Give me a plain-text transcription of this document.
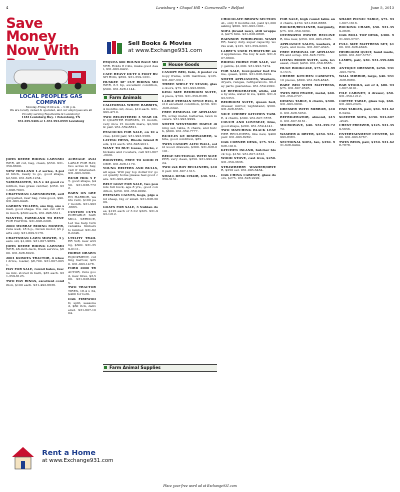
4	Lewisburg • Chapel Hill • Cornersville • Belfast	June 5, 2013
Save Money
Now With
LOCAL PEOPLES GAS COMPANY
Monday-Friday 8:00 a.m. – 5:00 p.m.
We are locally owned & operated, and our employees are all
Proudly serving Fayetteville & Lewisburg!
1183 Lewisburg Hwy. • Petersburg, TN
931-659-9406 or 1-931-993-0999 Lewisburg
Sell Books & Movies
at www.Exchange931.com

JOHN DEERE RIDING LAWNMOWER, 48 cut, bag, clean, $550. 931-359-6600.

NEW HOLLAND 1.2 series, 3-point hitch, ready to go, good shape, $2,500. 931-628-1234.

YARDMASTER, 16.5 x 42 good condition, has grass catcher, $350. 931-698-7003.

CRAFTSMAN LAWNMOWER, self-propelled, rear bag, runs good, $90. 931-993-9446.

GARDEN TILLERS, one big, one small, good shape. You can cut off rim much, $300 each, 931-998-3611.

WANTED, FARMLAND TO RENT FOR HAYING. 931-698-2208.

2000 MURRAY RIDING MOWER, runs well, 18 h.p., blown motor, $5 parts only. 931-609-5176.

CRAFTSMAN LAWN MOWER, 3 years old, $1,000. 931-607-9889.

JOHN DEERE RIDING LAWNMOWER, 46-inch deck, fresh service, $600. 931-628-8020.

2001 KUBOTA TRACTOR, 4 wheel drive, loader, $8,700. 931-607-0051.

HAY FOR SALE, round bales, fescue mix, stored in barn, $35 each. 931-359-6125.

TWO HAY RINGS, excellent condition, $100 each. 931-492-6636.

ACREAGE AVAILABLE FOR HAY, two acres in hay, call if interested. 931-993-3200.

BUSH HOG 5 FT, good shape, $450. 931-638-7722.

BARN ON GREEN HARBOR, wants rent, $100 per month. 931-993-6665.

CUSTOM CUTS PORTABLE SAWMILL SERVICE, Let me help turn valuable timbers to lumber. 931-628-2246.

UTILITY TRAILER 5x8, new wiring, $300. 931-359-0111.

HORSE DRAWN EQUIPMENT, cutting harrow, $250. 931-993-1478.

FORD 2000 TRACTOR, runs good, new tires, $3,500. 931-628-0945.

TWO TRACTOR TIRES, 18.4 x 34, $400 for both.

OAK FIREWOOD, split, seasoned, $60 rick, delivered. 931-607-1004.

PEQUEA 600 ROUND BALE MOVER. Holds 8 rolls, make good deal, 931-993-0422.

CAVE HEAVY DUTY 6 FOOT BUSH HOG, $650. 931-359-1231.

HUSKEE 38" CUT RIDING MOWER, 6.5 hp, excellent condition, $500. 931-628-1144.

Farm Animals

CALIFORNIA WHITE RABBITS, 4 months old, does, $10 each. 931-993-4710.

TWO REGISTERED 3 YEAR OLD QUARTER HORSES, 15 month, very nice 15 month mare, $2,500 & pair. 931-359-8821.

PEACOCKS FOR SALE, on 10 acres, $100 pair, 931-993-5566.

LAYING HENS, Rhode Island Reds, $12 each. 931-628-9011.

WANT TO BUY: Geese, ducks, chickens and roosters, call 931-607-2020.

ROOSTERS, FREE TO GOOD HOME. 931-628-1170.

YOUNG HEIFERS AND BULLS, all ages. Will pay top dollar for good quality horse please feel good care. 931-993-4545.

BELT GOAT FOR SALE, two pounds full buck, age 8 yrs., good condition, $250. 931-359-9099.

PEEWAIN CALVES, hogs, pigs and sheep, big or small. 931-628-3009.

GOATS FOR SALE, 3 Nubian does, $125 each or 3 for $325. 931-993-1212.

House Goods

CANOPY BED, twin, 4 poster canopy frame, with mattress, $125. 931-607-3311.

THREE SHELF TV STAND, glass doors, $75. 931-993-6666.

KING SIZE BEDROOM SUITE, 4 piece, $700. 931-359-8188.

LARGE PERSIAN STYLE RUG, 8x10 excellent condition, $150. 931-628-2242.

FREE REMOVAL OF APPLIANCES, scrap metal, batteries, lawn mowers. 931-993-9999.

SMITH WESTMORE MAPLE dining set, table, 6 chairs, and hutch, $600. 931-359-7777.

BUILT-IN GE DISHWASHER, white, good condition, $85.

TWIN CANOPY ALTO WALL, solid wood drawers, $300. 931-628-0101.

BEIGE SECTIONAL WITH SLEEPER, very clean, $350. 931-993-2424.

TWO 2x4 BOY RECLINERS, $100 pair. 931-607-1313.

SMALL DESK CHAIR, $30. 931-359-5151.

CHOCOLATE BROWN SECTIONAL, only 8 months old, paid $1,200 asking $600. 931-993-1001.

SOFA (brand new), still wrapped, $475 firm. 931-628-0808.

RAINBOW WHIRLPOOL WASHER, heavy duty, super capacity, works well, $125. 931-359-0203.

LARRY'S USED FURNITURE and appliances. We buy & sell. 931-607-6600.

RIDING HORSE FOR SALE, very gentle, $1,000. 931-993-7474.

FOR SALE, four-poster bed frame, queen, $200. 931-628-3434.

SMITH APPLIANCES, Washers, dryers, ranges, refrigerators. 90-day parts guarantee. 931-359-2020.

GE REFRIGERATOR, white, side by side, water & ice, $400. 931-993-5353.

BEDROOM SUITE, queen bed, dresser, mirror, nightstand, $500. 931-628-6565.

NICE CHERRY KITCHEN TABLE, 4 chairs, $300. 931-607-7878.

COUCH AND LOVESEAT, blue, good shape, $200. 931-359-4141.

TWO MATCHING BLACK LEATHER RECLINERS, like new, $400 pair. 931-993-8282.

OAK CORNER DESK, $75. 931-628-1919.

KITCHEN ISLAND, butcher block top, $150. 931-607-2323.

WOOD STOVE, cast iron, $250. 931-359-3636.

STRAWBERRY WASHER/DRYER, $250 set. 931-993-6464.

OAK CHINA CABINET, glass doors, $275. 931-628-9292.

FOR SALE, high round table and chairs, $150. 931-628-8888.

ROCKER/RECLINER, burgundy, $75. 931-359-3030.

OVERSIZED POWER RECLINER, like new, $350. 931-993-2626.

APPLIANCE SALES, washers, dryers, and more. 931-607-4545.

FREE REMOVAL OF APPLIANCES and scrap. 931-628-7070.

LIVING ROOM SUITE, sofa, loveseat, chair, $450. 931-359-8585.

HUGE BOOKCASE, $75. 931-993-1515.

CHERRY KITCHEN CABINETS, 10 pieces, $800. 931-628-4848.

BABY BED WITH MATTRESS, $75. 931-607-9595.

TWIN BED FRAME, metal, $40. 931-359-2727.

DINING TABLE, 6 chairs, $300. 931-993-3939.

DRESSER WITH MIRROR, $100. 931-628-5050.

REFRIGERATOR, almond, $150. 931-607-6161.

MICROWAVE, $40. 931-359-7272.

WASHER & DRYER, $250. 931-993-8383.

SECTIONAL SOFA, tan, $350. 931-628-9494.

SHADE PICNIC TABLE, $75. 931-607-1616.

ROCKING CHAIR, $50. 931-359-2828.

OAK ROLL TOP DESK, $300. 931-993-3737.

FULL SIZE MATTRESS SET, $100. 931-628-4646.

HEIRLOOM QUILT, hand made, $200. 931-607-5757.

LAMPS, pair, $30. 931-359-6868.

ANTIQUE DRESSER, $250. 931-993-7979.

WALL MIRROR, large, $40. 931-628-8080.

BAR STOOLS, set of 4, $80. 931-607-9191.

FILE CABINET, 4 drawer, $50. 931-359-1212.

COFFEE TABLE, glass top, $60. 931-993-2323.

END TABLES, pair, $50. 931-628-3434.

SLEEPER SOFA, $150. 931-607-4545.

CHEST FREEZER, $125. 931-359-5656.

ENTERTAINMENT CENTER, $100. 931-993-6767.

TWIN BEDS, pair, $150. 931-628-7878.

Farm Animal Supplies
Rent a Home
at www.Exchange931.com
Place your free word ad at Exchange931.com
